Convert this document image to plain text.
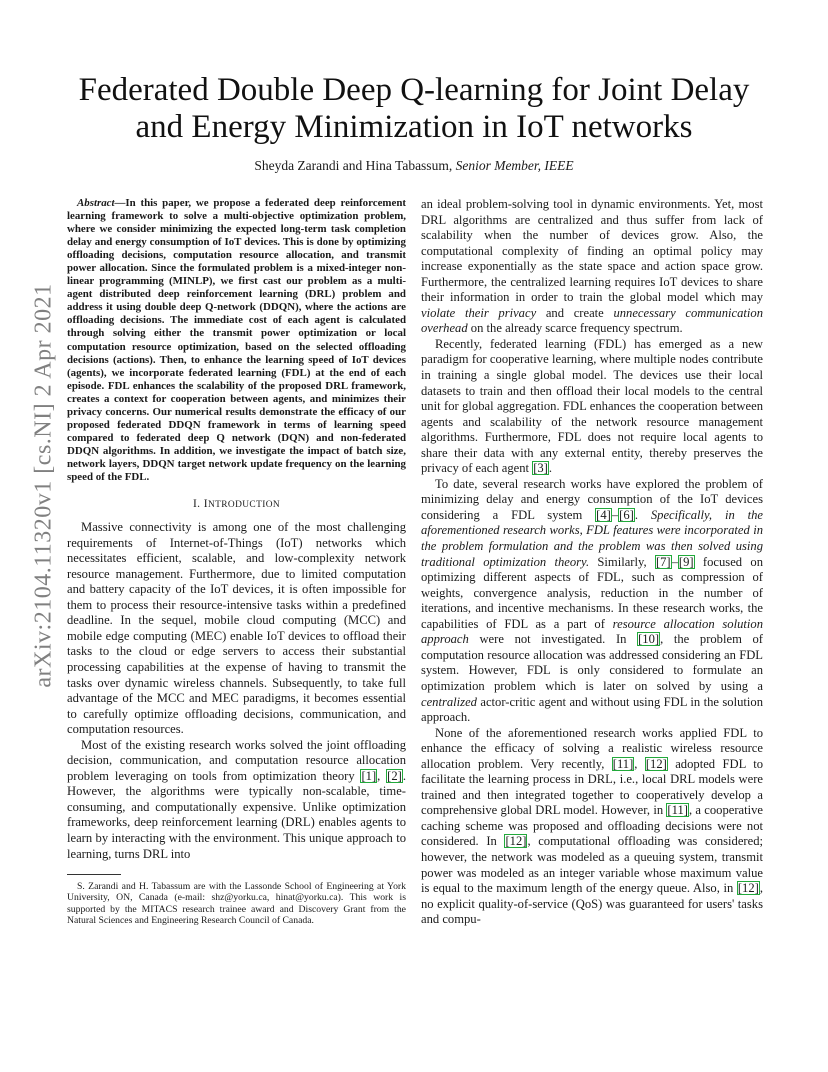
arXiv:2104.11320v1 [cs.NI] 2 Apr 2021
Federated Double Deep Q-learning for Joint Delay and Energy Minimization in IoT networks
Sheyda Zarandi and Hina Tabassum, Senior Member, IEEE

Abstract—In this paper, we propose a federated deep reinforcement learning framework to solve a multi-objective optimization problem, where we consider minimizing the expected long-term task completion delay and energy consumption of IoT devices. This is done by optimizing offloading decisions, computation resource allocation, and transmit power allocation. Since the formulated problem is a mixed-integer non-linear programming (MINLP), we first cast our problem as a multi-agent distributed deep reinforcement learning (DRL) problem and address it using double deep Q-network (DDQN), where the actions are offloading decisions. The immediate cost of each agent is calculated through solving either the transmit power optimization or local computation resource optimization, based on the selected offloading decisions (actions). Then, to enhance the learning speed of IoT devices (agents), we incorporate federated learning (FDL) at the end of each episode. FDL enhances the scalability of the proposed DRL framework, creates a context for cooperation between agents, and minimizes their privacy concerns. Our numerical results demonstrate the efficacy of our proposed federated DDQN framework in terms of learning speed compared to federated deep Q network (DQN) and non-federated DDQN algorithms. In addition, we investigate the impact of batch size, network layers, DDQN target network update frequency on the learning speed of the FDL.

I. INTRODUCTION

Massive connectivity is among one of the most challenging requirements of Internet-of-Things (IoT) networks which necessitates efficient, scalable, and low-complexity network resource management. Furthermore, due to limited computation and battery capacity of the IoT devices, it is often impossible for them to process their resource-intensive tasks within a predefined deadline. In the sequel, mobile cloud computing (MCC) and mobile edge computing (MEC) enable IoT devices to offload their tasks to the cloud or edge servers to access their substantial processing capabilities at the expense of having to transmit the tasks over dynamic wireless channels. Subsequently, to take full advantage of the MCC and MEC paradigms, it becomes essential to carefully optimize offloading decisions, communication, and computation resources.

Most of the existing research works solved the joint offloading decision, communication, and computation resource allocation problem leveraging on tools from optimization theory [1], [2]. However, the algorithms were typically non-scalable, time-consuming, and computationally expensive. Unlike optimization frameworks, deep reinforcement learning (DRL) enables agents to learn by interacting with the environment. This unique approach to learning, turns DRL into

S. Zarandi and H. Tabassum are with the Lassonde School of Engineering at York University, ON, Canada (e-mail: shz@yorku.ca, hinat@yorku.ca). This work is supported by the MITACS research trainee award and Discovery Grant from the Natural Sciences and Engineering Research Council of Canada.

an ideal problem-solving tool in dynamic environments. Yet, most DRL algorithms are centralized and thus suffer from lack of scalability when the number of devices grow. Also, the computational complexity of finding an optimal policy may increase exponentially as the state space and action space grow. Furthermore, the centralized learning requires IoT devices to share their information in order to train the global model which may violate their privacy and create unnecessary communication overhead on the already scarce frequency spectrum.

Recently, federated learning (FDL) has emerged as a new paradigm for cooperative learning, where multiple nodes contribute in training a single global model. The devices use their local datasets to train and then offload their local models to the central unit for global aggregation. FDL enhances the cooperation between agents and scalability of the network resource management algorithms. Furthermore, FDL does not require local agents to share their data with any external entity, thereby preserves the privacy of each agent [3].

To date, several research works have explored the problem of minimizing delay and energy consumption of the IoT devices considering a FDL system [4]–[6]. Specifically, in the aforementioned research works, FDL features were incorporated in the problem formulation and the problem was then solved using traditional optimization theory. Similarly, [7]–[9] focused on optimizing different aspects of FDL, such as compression of weights, convergence analysis, reduction in the number of iterations, and incentive mechanisms. In these research works, the capabilities of FDL as a part of resource allocation solution approach were not investigated. In [10], the problem of computation resource allocation was addressed considering an FDL system. However, FDL is only considered to formulate an optimization problem which is later on solved by using a centralized actor-critic agent and without using FDL in the solution approach.

None of the aforementioned research works applied FDL to enhance the efficacy of solving a realistic wireless resource allocation problem. Very recently, [11], [12] adopted FDL to facilitate the learning process in DRL, i.e., local DRL models were trained and then integrated together to cooperatively develop a comprehensive global DRL model. However, in [11], a cooperative caching scheme was proposed and offloading decisions were not considered. In [12], computational offloading was considered; however, the network was modeled as a queuing system, transmit power was modeled as an integer variable whose maximum value is equal to the maximum length of the energy queue. Also, in [12], no explicit quality-of-service (QoS) was guaranteed for users' tasks and compu-
